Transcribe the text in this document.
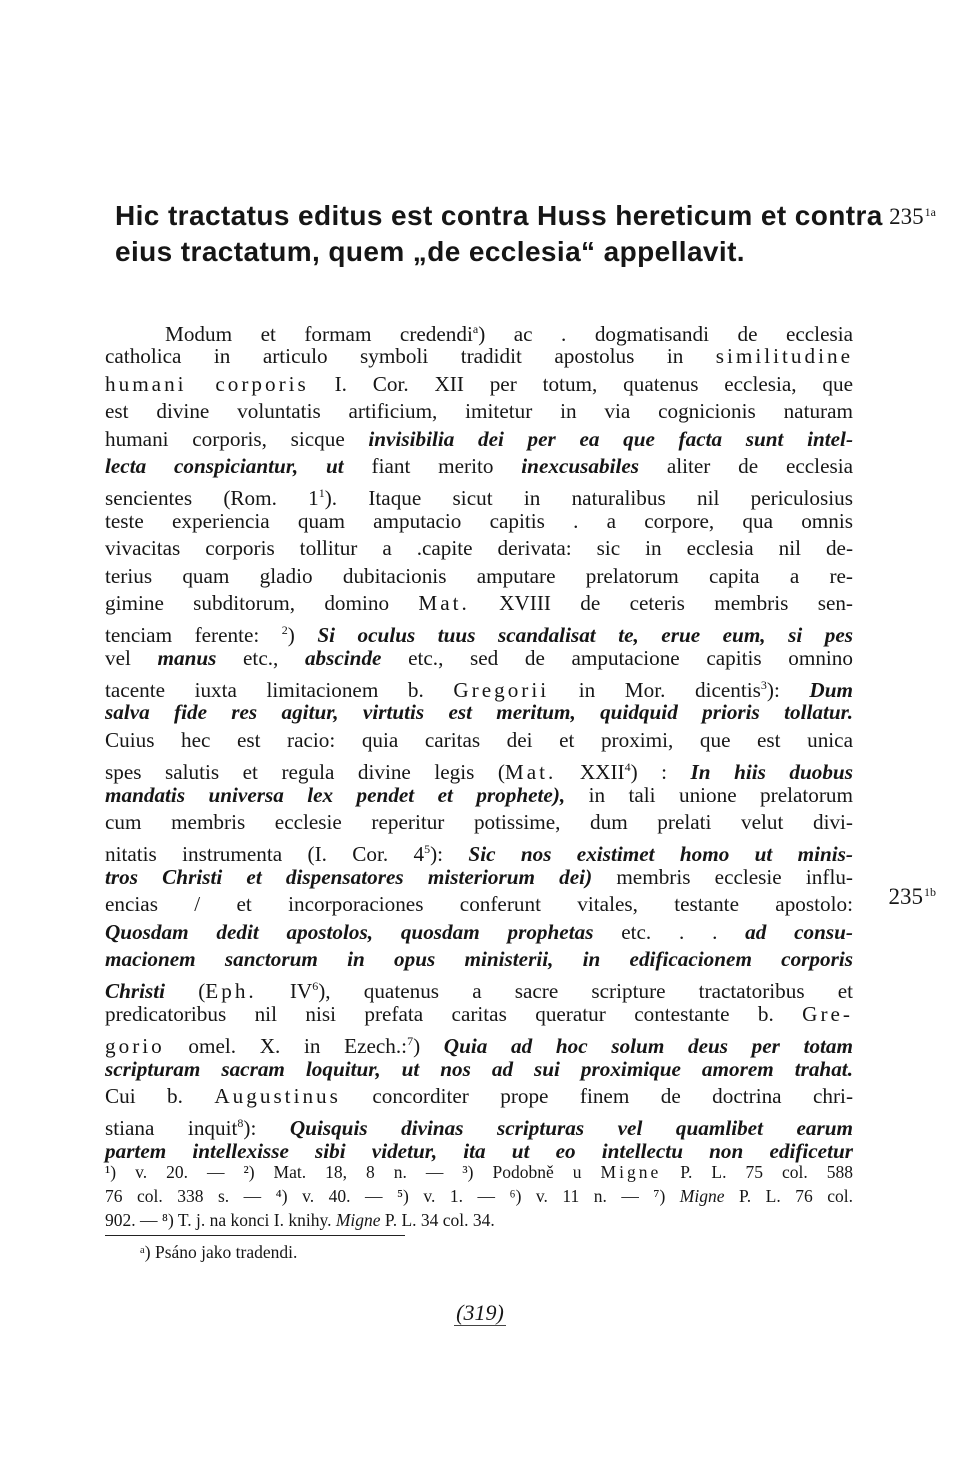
Hic tractatus editus est contra Huss hereticum et contra $235^{1a}$
eius tractatum, quem „de ecclesia“ appellavit.
Modum et formam credendi$^a$) ac . dogmatisandi de ecclesia
catholica in articulo symboli tradidit apostolus in similitudine
humani corporis I. Cor. XII per totum, quatenus ecclesia, que
est divine voluntatis artificium, imitetur in via cognicionis naturam
humani corporis, sicque invisibilia dei per ea que facta sunt intel-
lecta conspiciantur, ut fiant merito inexcusabiles aliter de ecclesia
sencientes (Rom. $1^1$). Itaque sicut in naturalibus nil periculosius
teste experiencia quam amputacio capitis . a corpore, qua omnis
vivacitas corporis tollitur a .capite derivata: sic in ecclesia nil de-
terius quam gladio dubitacionis amputare prelatorum capita a re-
gimine subditorum, domino Mat. XVIII de ceteris membris sen-
tenciam ferente: $^2$) Si oculus tuus scandalisat te, erue eum, si pes
vel manus etc., abscinde etc., sed de amputacione capitis omnino
tacente iuxta limitacionem b. Gregorii in Mor. dicentis$^3$): Dum
salva fide res agitur, virtutis est meritum, quidquid prioris tollatur.
Cuius hec est racio: quia caritas dei et proximi, que est unica
spes salutis et regula divine legis (Mat. XXII$^4$) : In hiis duobus
mandatis universa lex pendet et prophete), in tali unione prelatorum
cum membris ecclesie reperitur potissime, dum prelati velut divi-
nitatis instrumenta (I. Cor. $4^5$): Sic nos existimet homo ut minis-
tros Christi et dispensatores misteriorum dei) membris ecclesie influ-
encias / et incorporaciones conferunt vitales, testante apostolo:
Quosdam dedit apostolos, quosdam prophetas etc. . . ad consu-
macionem sanctorum in opus ministerii, in edificacionem corporis
Christi (Eph. $IV^6$), quatenus a sacre scripture tractatoribus et
predicatoribus nil nisi prefata caritas queratur contestante b. Gre-
gorio omel. X. in Ezech.:$^7$) Quia ad hoc solum deus per totam
scripturam sacram loquitur, ut nos ad sui proximique amorem trahat.
Cui b. Augustinus concorditer prope finem de doctrina chri-
stiana inquit$^8$): Quisquis divinas scripturas vel quamlibet earum
partem intellexisse sibi videtur, ita ut eo intellectu non edificetur
$235^{1b}$
¹) v. 20. — ²) Mat. 18, 8 n. — ³) Podobně u Migne P. L. 75 col. 588
76 col. 338 s. — ⁴) v. 40. — ⁵) v. 1. — ⁶) v. 11 n. — ⁷) Migne P. L. 76 col.
902. — ⁸) T. j. na konci I. knihy. Migne P. L. 34 col. 34.
ᵃ) Psáno jako tradendi.
(319)
